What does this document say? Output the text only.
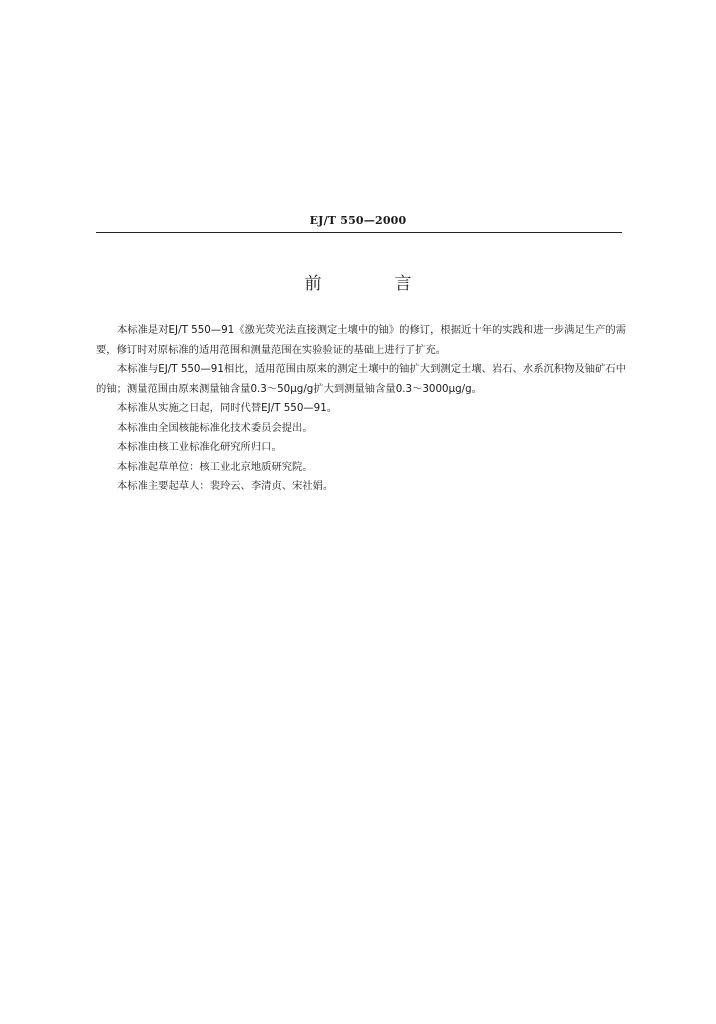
EJ/T 550—2000
前　言

本标准是对EJ/T 550—91《激光荧光法直接测定土壤中的铀》的修订，根据近十年的实践和进一步满足生产的需要，修订时对原标准的适用范围和测量范围在实验验证的基础上进行了扩充。

本标准与EJ/T 550—91相比，适用范围由原来的测定土壤中的铀扩大到测定土壤、岩石、水系沉积物及铀矿石中的铀；测量范围由原来测量铀含量0.3～50μg/g扩大到测量铀含量0.3～3000μg/g。

本标准从实施之日起，同时代替EJ/T 550—91。

本标准由全国核能标准化技术委员会提出。

本标准由核工业标准化研究所归口。

本标准起草单位：核工业北京地质研究院。

本标准主要起草人：裴玲云、李清贞、宋社娟。
